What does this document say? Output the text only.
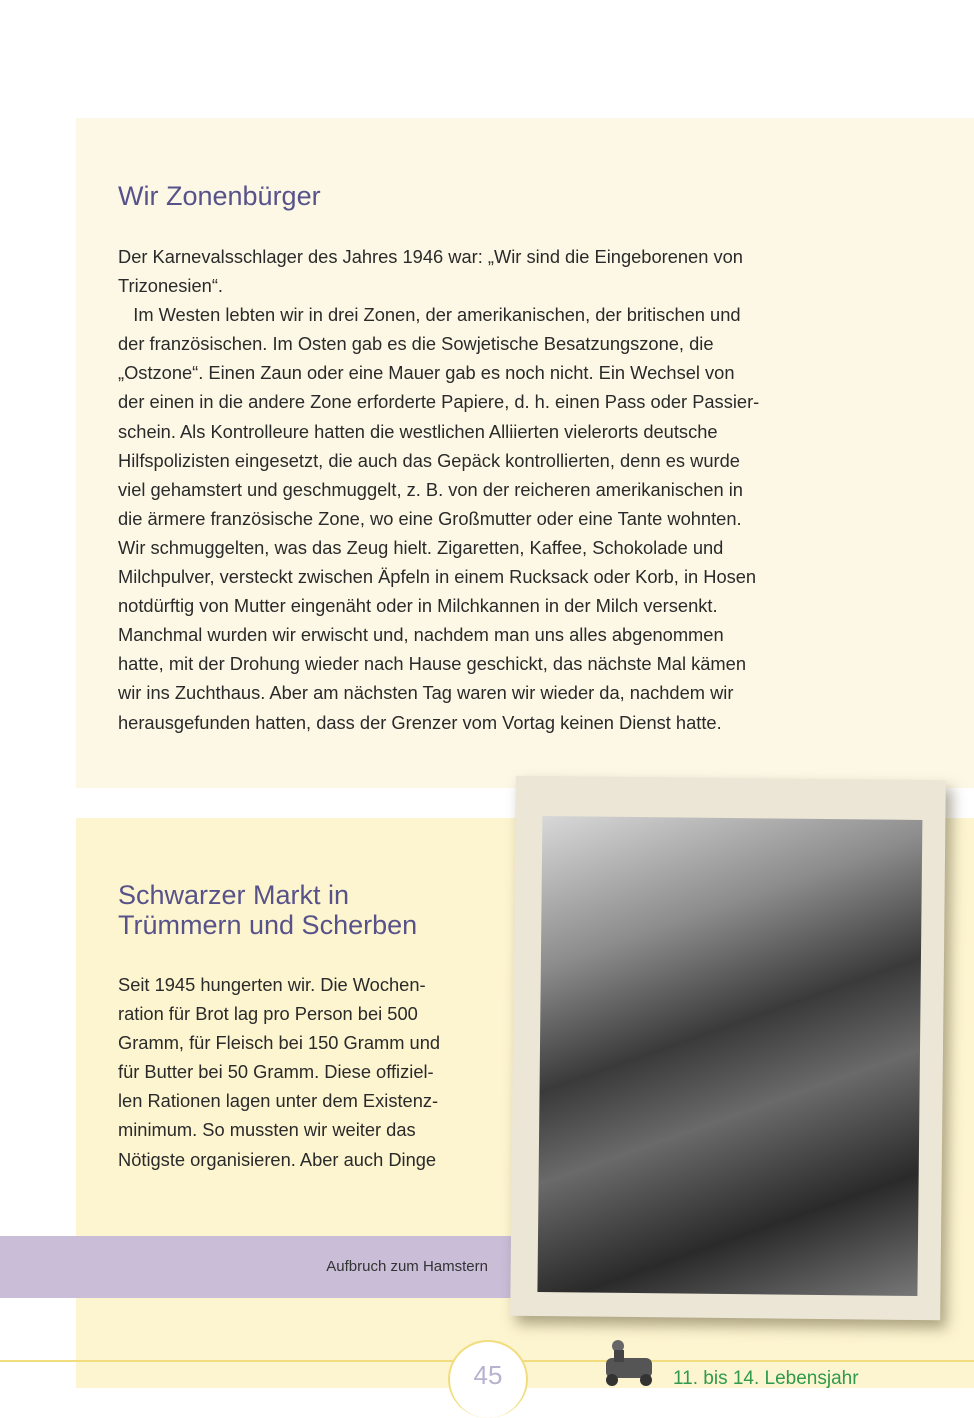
Wir Zonenbürger
Der Karnevalsschlager des Jahres 1946 war: „Wir sind die Eingeborenen von
Trizonesien“.
Im Westen lebten wir in drei Zonen, der amerikanischen, der britischen und
der französischen. Im Osten gab es die Sowjetische Besatzungszone, die
„Ostzone“. Einen Zaun oder eine Mauer gab es noch nicht. Ein Wechsel von
der einen in die andere Zone erforderte Papiere, d. h. einen Pass oder Passier-
schein. Als Kontrolleure hatten die westlichen Alliierten vielerorts deutsche
Hilfspolizisten eingesetzt, die auch das Gepäck kontrollierten, denn es wurde
viel gehamstert und geschmuggelt, z. B. von der reicheren amerikanischen in
die ärmere französische Zone, wo eine Großmutter oder eine Tante wohnten.
Wir schmuggelten, was das Zeug hielt. Zigaretten, Kaffee, Schokolade und
Milchpulver, versteckt zwischen Äpfeln in einem Rucksack oder Korb, in Hosen
notdürftig von Mutter eingenäht oder in Milchkannen in der Milch versenkt.
Manchmal wurden wir erwischt und, nachdem man uns alles abgenommen
hatte, mit der Drohung wieder nach Hause geschickt, das nächste Mal kämen
wir ins Zuchthaus. Aber am nächsten Tag waren wir wieder da, nachdem wir
herausgefunden hatten, dass der Grenzer vom Vortag keinen Dienst hatte.
Schwarzer Markt in
Trümmern und Scherben
Seit 1945 hungerten wir. Die Wochen-
ration für Brot lag pro Person bei 500
Gramm, für Fleisch bei 150 Gramm und
für Butter bei 50 Gramm. Diese offiziel-
len Rationen lagen unter dem Existenz-
minimum. So mussten wir weiter das
Nötigste organisieren. Aber auch Dinge
Aufbruch zum Hamstern
45	11. bis 14. Lebensjahr
